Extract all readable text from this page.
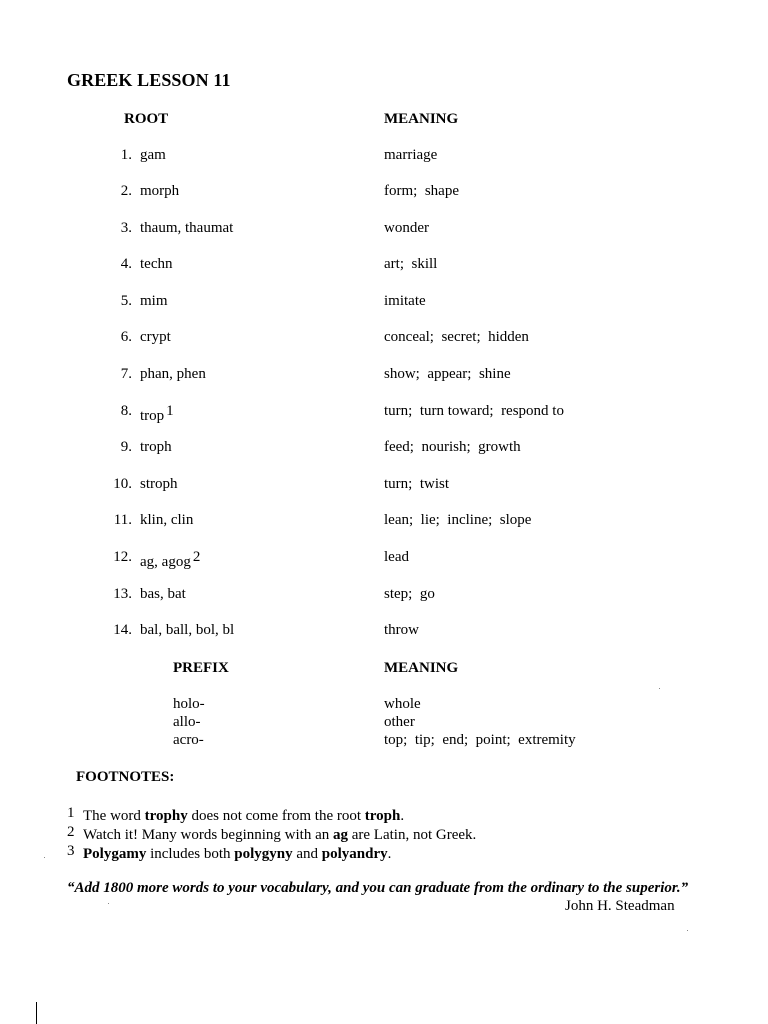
GREEK LESSON 11
ROOT	MEANING
1. gam	marriage
2. morph	form;  shape
3. thaum, thaumat	wonder
4. techn	art;  skill
5. mim	imitate
6. crypt	conceal;  secret;  hidden
7. phan, phen	show;  appear;  shine
8. trop $^1$	turn;  turn toward;  respond to
9. troph	feed;  nourish;  growth
10. stroph	turn;  twist
11. klin, clin	lean;  lie;  incline;  slope
12. ag, agog $^2$	lead
13. bas, bat	step;  go
14. bal, ball, bol, bl	throw
PREFIX	MEANING
holo-	whole
allo-	other
acro-	top;  tip;  end;  point;  extremity
FOOTNOTES:
1 The word trophy does not come from the root troph.
2 Watch it! Many words beginning with an ag are Latin, not Greek.
3 Polygamy includes both polygyny and polyandry.
“Add 1800 more words to your vocabulary, and you can graduate from the ordinary to the superior.”
John H. Steadman
